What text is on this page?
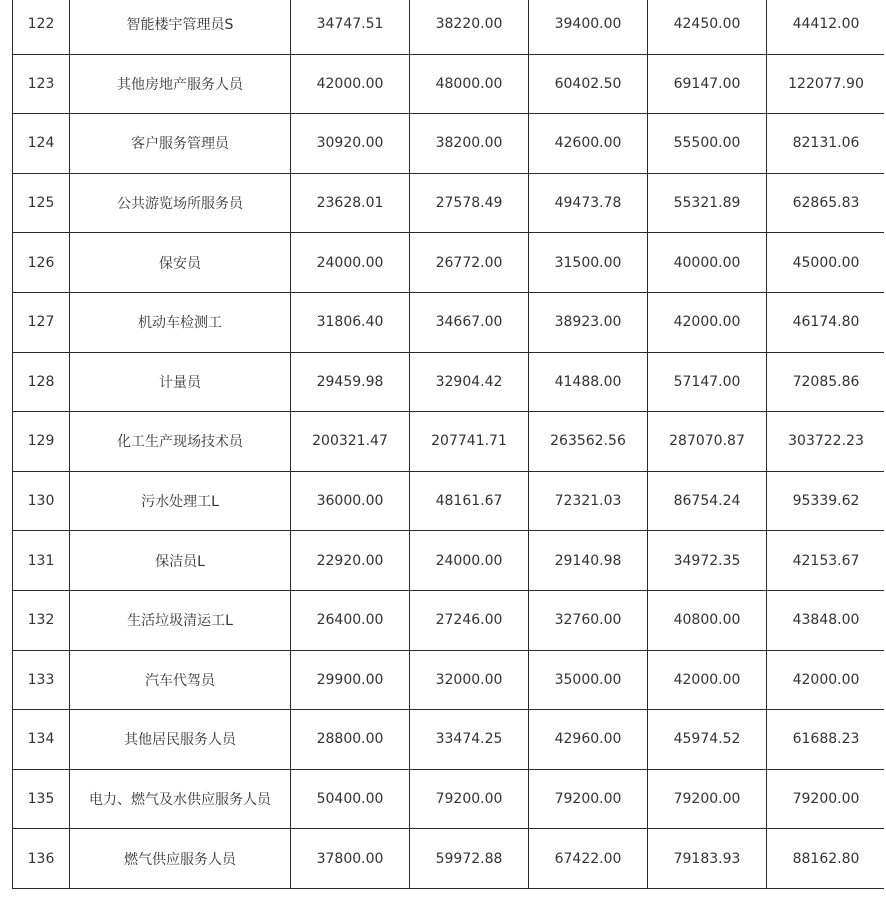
122	智能楼宇管理员S	34747.51	38220.00	39400.00	42450.00	44412.00
123	其他房地产服务人员	42000.00	48000.00	60402.50	69147.00	122077.90
124	客户服务管理员	30920.00	38200.00	42600.00	55500.00	82131.06
125	公共游览场所服务员	23628.01	27578.49	49473.78	55321.89	62865.83
126	保安员	24000.00	26772.00	31500.00	40000.00	45000.00
127	机动车检测工	31806.40	34667.00	38923.00	42000.00	46174.80
128	计量员	29459.98	32904.42	41488.00	57147.00	72085.86
129	化工生产现场技术员	200321.47	207741.71	263562.56	287070.87	303722.23
130	污水处理工L	36000.00	48161.67	72321.03	86754.24	95339.62
131	保洁员L	22920.00	24000.00	29140.98	34972.35	42153.67
132	生活垃圾清运工L	26400.00	27246.00	32760.00	40800.00	43848.00
133	汽车代驾员	29900.00	32000.00	35000.00	42000.00	42000.00
134	其他居民服务人员	28800.00	33474.25	42960.00	45974.52	61688.23
135	电力、燃气及水供应服务人员	50400.00	79200.00	79200.00	79200.00	79200.00
136	燃气供应服务人员	37800.00	59972.88	67422.00	79183.93	88162.80
